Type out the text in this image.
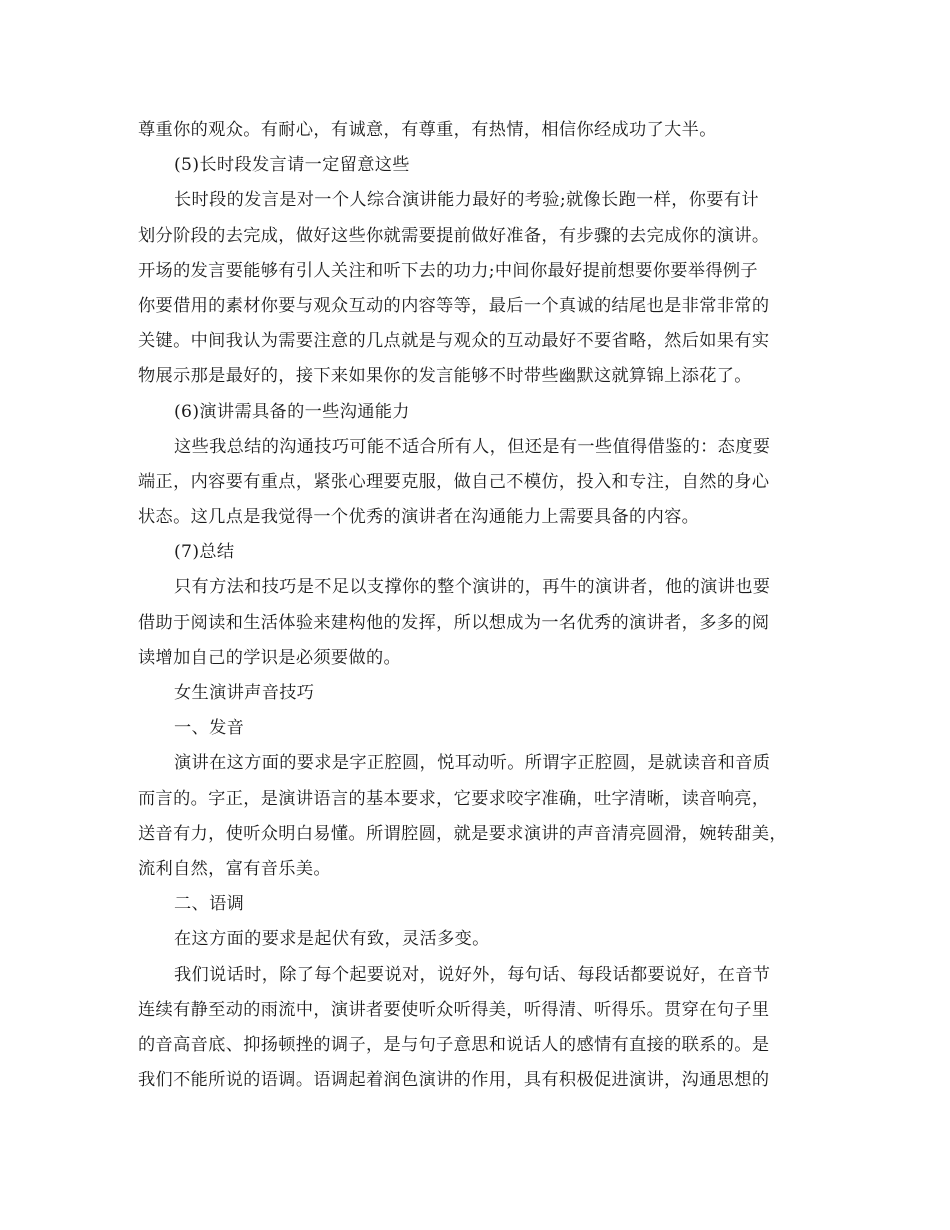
尊重你的观众。有耐心，有诚意，有尊重，有热情，相信你经成功了大半。
(5)长时段发言请一定留意这些
长时段的发言是对一个人综合演讲能力最好的考验;就像长跑一样，你要有计
划分阶段的去完成，做好这些你就需要提前做好准备，有步骤的去完成你的演讲。
开场的发言要能够有引人关注和听下去的功力;中间你最好提前想要你要举得例子
你要借用的素材你要与观众互动的内容等等，最后一个真诚的结尾也是非常非常的
关键。中间我认为需要注意的几点就是与观众的互动最好不要省略，然后如果有实
物展示那是最好的，接下来如果你的发言能够不时带些幽默这就算锦上添花了。
(6)演讲需具备的一些沟通能力
这些我总结的沟通技巧可能不适合所有人，但还是有一些值得借鉴的：态度要
端正，内容要有重点，紧张心理要克服，做自己不模仿，投入和专注，自然的身心
状态。这几点是我觉得一个优秀的演讲者在沟通能力上需要具备的内容。
(7)总结
只有方法和技巧是不足以支撑你的整个演讲的，再牛的演讲者，他的演讲也要
借助于阅读和生活体验来建构他的发挥，所以想成为一名优秀的演讲者，多多的阅
读增加自己的学识是必须要做的。
女生演讲声音技巧
一、发音
演讲在这方面的要求是字正腔圆，悦耳动听。所谓字正腔圆，是就读音和音质
而言的。字正，是演讲语言的基本要求，它要求咬字准确，吐字清晰，读音响亮，
送音有力，使听众明白易懂。所谓腔圆，就是要求演讲的声音清亮圆滑，婉转甜美，
流利自然，富有音乐美。
二、语调
在这方面的要求是起伏有致，灵活多变。
我们说话时，除了每个起要说对，说好外，每句话、每段话都要说好，在音节
连续有静至动的雨流中，演讲者要使听众听得美，听得清、听得乐。贯穿在句子里
的音高音底、抑扬顿挫的调子，是与句子意思和说话人的感情有直接的联系的。是
我们不能所说的语调。语调起着润色演讲的作用，具有积极促进演讲，沟通思想的
